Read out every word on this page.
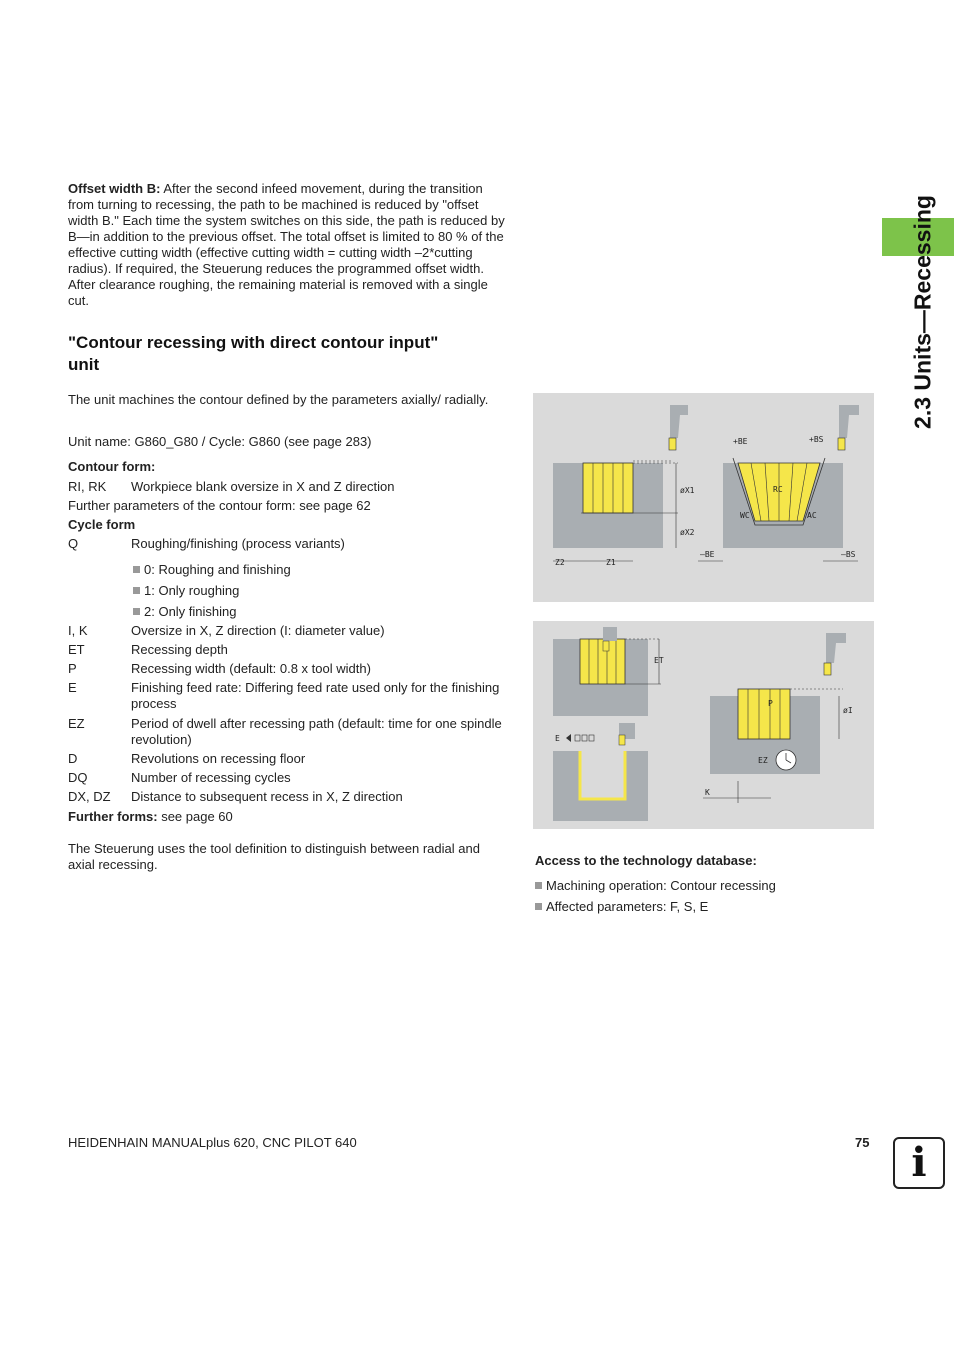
2.3 Units—Recessing
Offset width B: After the second infeed movement, during the transition from turning to recessing, the path to be machined is reduced by "offset width B." Each time the system switches on this side, the path is reduced by B—in addition to the previous offset. The total offset is limited to 80 % of the effective cutting width (effective cutting width = cutting width –2*cutting radius). If required, the Steuerung reduces the programmed offset width. After clearance roughing, the remaining material is removed with a single cut.
"Contour recessing with direct contour input"
unit
The unit machines the contour defined by the parameters axially/ radially.
Unit name: G860_G80 / Cycle: G860 (see page 283)
Contour form:
RI, RK Workpiece blank oversize in X and Z direction
Further parameters of the contour form: see page 62
Cycle form
Q	Roughing/finishing (process variants)
0: Roughing and finishing
1: Only roughing
2: Only finishing
I, K	Oversize in X, Z direction (I: diameter value)
ET	Recessing depth
P	Recessing width (default: 0.8 x tool width)
E	Finishing feed rate: Differing feed rate used only for the finishing process
EZ	Period of dwell after recessing path (default: time for one spindle revolution)
D	Revolutions on recessing floor
DQ	Number of recessing cycles
DX, DZ Distance to subsequent recess in X, Z direction
Further forms: see page 60
The Steuerung uses the tool definition to distinguish between radial and axial recessing.
øX1
øX2
Z2	Z1
+BE	+BS
RC
WC	AC
–BE	–BS
ET
E
øI
P
EZ
K
Access to the technology database:
Machining operation: Contour recessing
Affected parameters: F, S, E
HEIDENHAIN MANUALplus 620, CNC PILOT 640	75	i
